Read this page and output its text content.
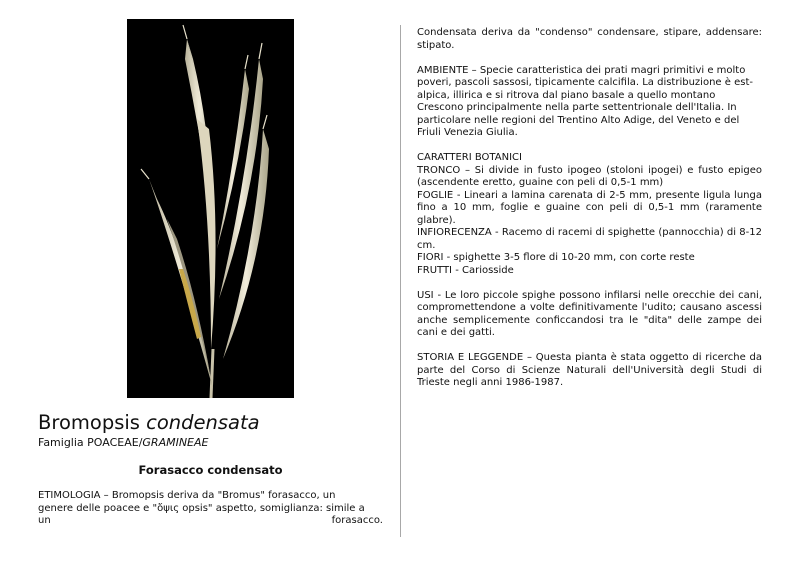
Bromopsis condensata
Famiglia POACEAE/GRAMINEAE
Forasacco condensato
ETIMOLOGIA – Bromopsis deriva da "Bromus" forasacco, un
genere delle poacee e "ὄψις opsis" aspetto, somiglianza: simile a
un	forasacco.

Condensata deriva da "condenso" condensare, stipare, addensare: stipato.

AMBIENTE – Specie caratteristica dei prati magri primitivi e molto poveri, pascoli sassosi, tipicamente calcifila. La distribuzione è est-alpica, illirica e si ritrova dal piano basale a quello montano

Crescono principalmente nella parte settentrionale dell'Italia. In particolare nelle regioni del Trentino Alto Adige, del Veneto e del Friuli Venezia Giulia.

CARATTERI BOTANICI

TRONCO – Si divide in fusto ipogeo (stoloni ipogei) e fusto epigeo (ascendente eretto, guaine con peli di 0,5-1 mm)

FOGLIE - Lineari a lamina carenata di 2-5 mm, presente ligula lunga fino a 10 mm, foglie e guaine con peli di 0,5-1 mm (raramente glabre).

INFIORECENZA - Racemo di racemi di spighette (pannocchia) di 8-12 cm.

FIORI - spighette 3-5 flore di 10-20 mm, con corte reste

FRUTTI - Cariosside

USI - Le loro piccole spighe possono infilarsi nelle orecchie dei cani, compromettendone a volte definitivamente l'udito; causano ascessi anche semplicemente conficcandosi tra le "dita" delle zampe dei cani e dei gatti.

STORIA E LEGGENDE – Questa pianta è stata oggetto di ricerche da parte del Corso di Scienze Naturali dell'Università degli Studi di Trieste negli anni 1986-1987.
